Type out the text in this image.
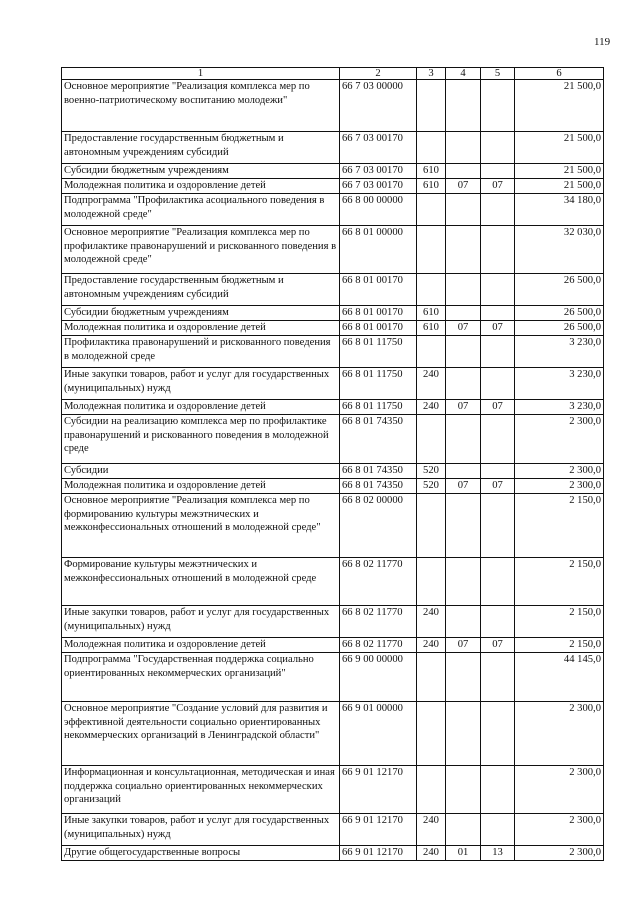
119
1	2	3	4	5	6
Основное мероприятие "Реализация комплекса мер по военно-патриотическому воспитанию молодежи"	66 7 03 00000				21 500,0
Предоставление государственным бюджетным и автономным учреждениям субсидий	66 7 03 00170				21 500,0
Субсидии бюджетным учреждениям	66 7 03 00170	610			21 500,0
Молодежная политика и оздоровление детей	66 7 03 00170	610	07	07	21 500,0
Подпрограмма "Профилактика асоциального поведения в молодежной среде"	66 8 00 00000				34 180,0
Основное мероприятие "Реализация комплекса мер по профилактике правонарушений и рискованного поведения в молодежной среде"	66 8 01 00000				32 030,0
Предоставление государственным бюджетным и автономным учреждениям субсидий	66 8 01 00170				26 500,0
Субсидии бюджетным учреждениям	66 8 01 00170	610			26 500,0
Молодежная политика и оздоровление детей	66 8 01 00170	610	07	07	26 500,0
Профилактика правонарушений и рискованного поведения в молодежной среде	66 8 01 11750				3 230,0
Иные закупки товаров, работ и услуг для государственных (муниципальных) нужд	66 8 01 11750	240			3 230,0
Молодежная политика и оздоровление детей	66 8 01 11750	240	07	07	3 230,0
Субсидии на реализацию комплекса мер по профилактике правонарушений и рискованного поведения в молодежной среде	66 8 01 74350				2 300,0
Субсидии	66 8 01 74350	520			2 300,0
Молодежная политика и оздоровление детей	66 8 01 74350	520	07	07	2 300,0
Основное мероприятие "Реализация комплекса мер по формированию культуры межэтнических и межконфессиональных отношений в молодежной среде"	66 8 02 00000				2 150,0
Формирование культуры межэтнических и межконфессиональных отношений в молодежной среде	66 8 02 11770				2 150,0
Иные закупки товаров, работ и услуг для государственных (муниципальных) нужд	66 8 02 11770	240			2 150,0
Молодежная политика и оздоровление детей	66 8 02 11770	240	07	07	2 150,0
Подпрограмма "Государственная поддержка социально ориентированных некоммерческих организаций"	66 9 00 00000				44 145,0
Основное мероприятие "Создание условий для развития и эффективной деятельности социально ориентированных некоммерческих организаций в Ленинградской области"	66 9 01 00000				2 300,0
Информационная и консультационная, методическая и иная поддержка социально ориентированных некоммерческих организаций	66 9 01 12170				2 300,0
Иные закупки товаров, работ и услуг для государственных (муниципальных) нужд	66 9 01 12170	240			2 300,0
Другие общегосударственные вопросы	66 9 01 12170	240	01	13	2 300,0
